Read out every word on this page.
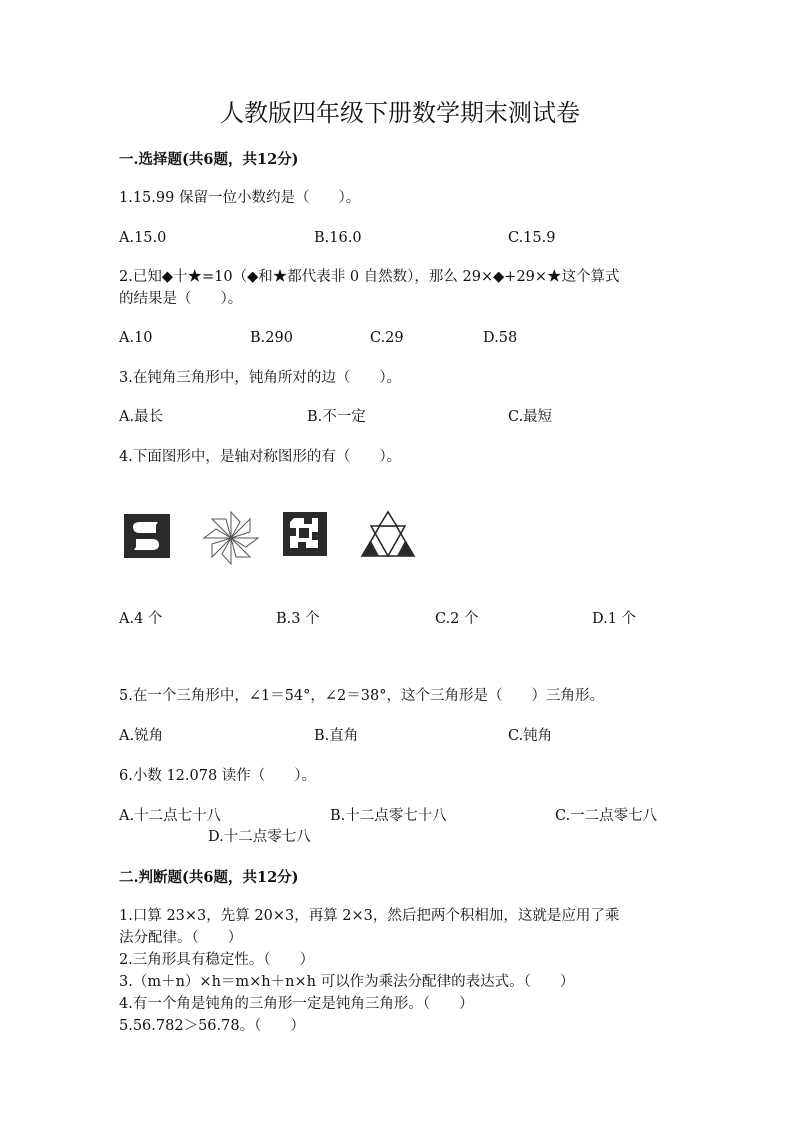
人教版四年级下册数学期末测试卷
一.选择题(共6题，共12分)
1.15.99 保留一位小数约是（　　）。
A.15.0	B.16.0	C.15.9
2.已知◆十★=10（◆和★都代表非 0 自然数），那么 29×◆+29×★这个算式
的结果是（　　）。
A.10	B.290	C.29	D.58
3.在钝角三角形中，钝角所对的边（　　）。
A.最长	B.不一定	C.最短
4.下面图形中，是轴对称图形的有（　　）。
A.4 个	B.3 个	C.2 个	D.1 个
5.在一个三角形中，∠1＝54°，∠2＝38°，这个三角形是（　　）三角形。
A.锐角	B.直角	C.钝角
6.小数 12.078 读作（　　）。
A.十二点七十八	B.十二点零七十八	C.一二点零七八
D.十二点零七八
二.判断题(共6题，共12分)
1.口算 23×3，先算 20×3，再算 2×3，然后把两个积相加，这就是应用了乘
法分配律。（　　）
2.三角形具有稳定性。（　　）
3.（m＋n）×h＝m×h＋n×h 可以作为乘法分配律的表达式。（　　）
4.有一个角是钝角的三角形一定是钝角三角形。（　　）
5.56.782＞56.78。（　　）
